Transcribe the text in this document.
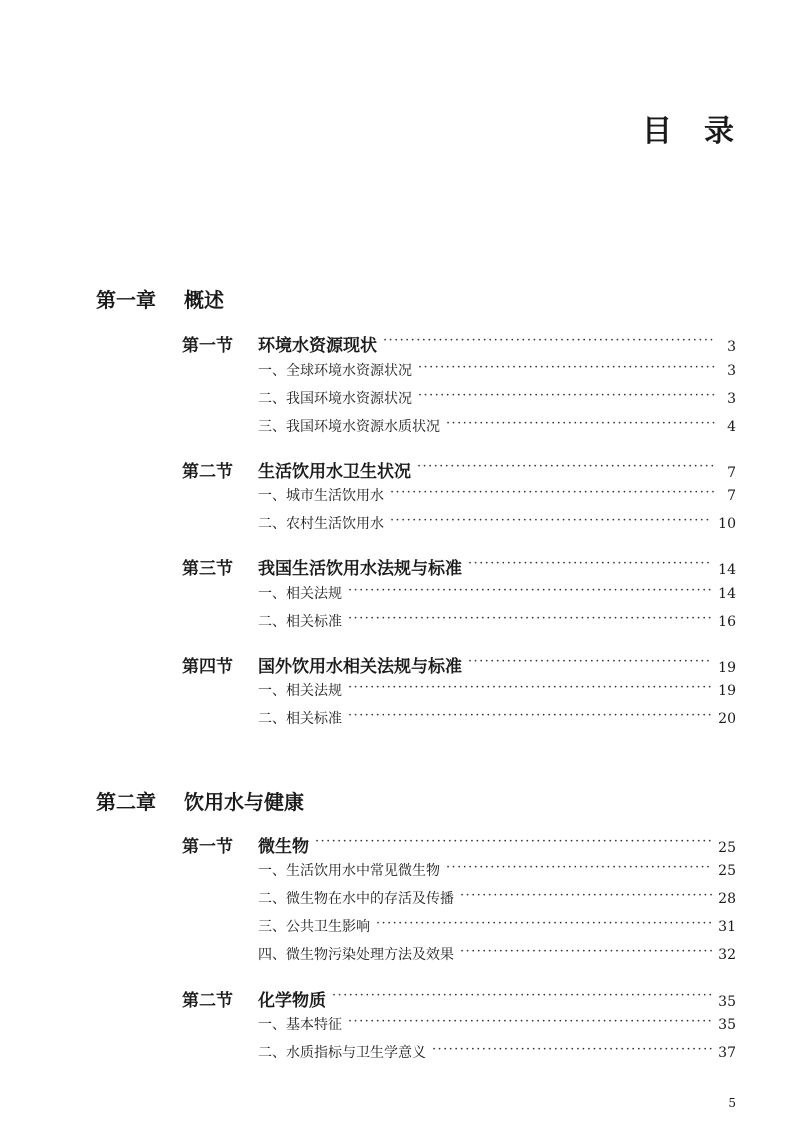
目 录
第一章	概述
第一节	环境水资源现状 ·····	3
一、全球环境水资源状况 ·····	3
二、我国环境水资源状况 ·····	3
三、我国环境水资源水质状况 ·····	4
第二节	生活饮用水卫生状况 ·····	7
一、城市生活饮用水 ·····	7
二、农村生活饮用水 ·····	10
第三节	我国生活饮用水法规与标准 ·····	14
一、相关法规 ·····	14
二、相关标准 ·····	16
第四节	国外饮用水相关法规与标准 ·····	19
一、相关法规 ·····	19
二、相关标准 ·····	20
第二章	饮用水与健康
第一节	微生物 ·····	25
一、生活饮用水中常见微生物 ·····	25
二、微生物在水中的存活及传播 ·····	28
三、公共卫生影响 ·····	31
四、微生物污染处理方法及效果 ·····	32
第二节	化学物质 ·····	35
一、基本特征 ·····	35
二、水质指标与卫生学意义 ·····	37
5
